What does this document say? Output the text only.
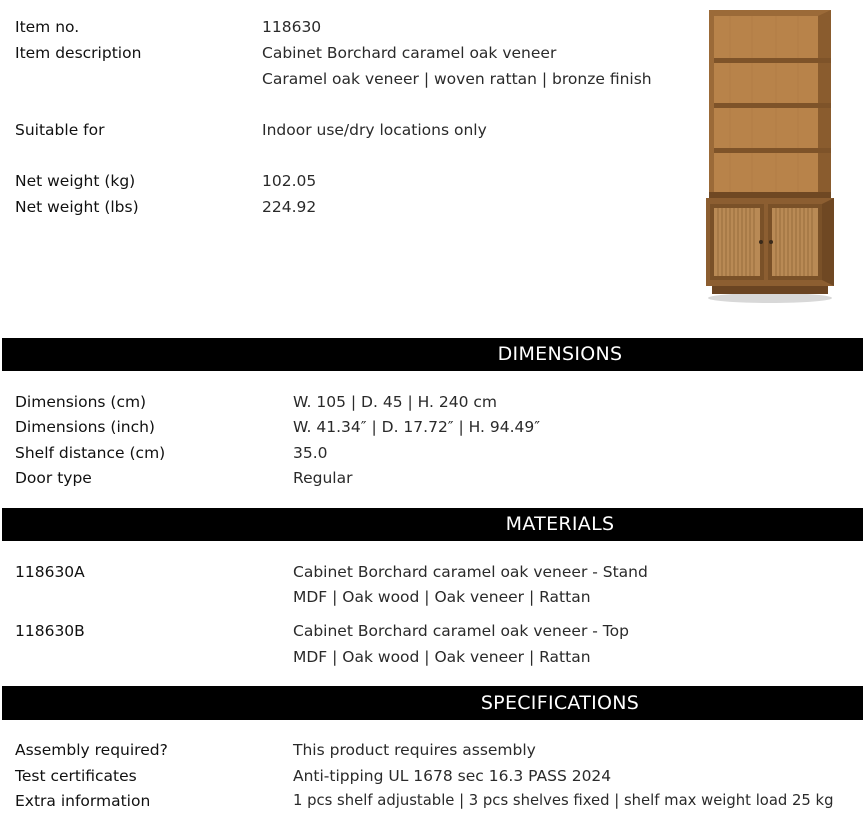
Item no.	118630
Item description	Cabinet Borchard caramel oak veneer
Caramel oak veneer | woven rattan | bronze finish
Suitable for	Indoor use/dry locations only
Net weight (kg)	102.05
Net weight (lbs)	224.92
DIMENSIONS
Dimensions (cm)	W. 105 | D. 45 | H. 240 cm
Dimensions (inch)	W. 41.34″ | D. 17.72″ | H. 94.49″
Shelf distance (cm)	35.0
Door type	Regular
MATERIALS
118630A	Cabinet Borchard caramel oak veneer - Stand
MDF | Oak wood | Oak veneer | Rattan
118630B	Cabinet Borchard caramel oak veneer - Top
MDF | Oak wood | Oak veneer | Rattan
SPECIFICATIONS
Assembly required?	This product requires assembly
Test certificates	Anti-tipping UL 1678 sec 16.3 PASS 2024
Extra information	1 pcs shelf adjustable | 3 pcs shelves fixed | shelf max weight load 25 kg
